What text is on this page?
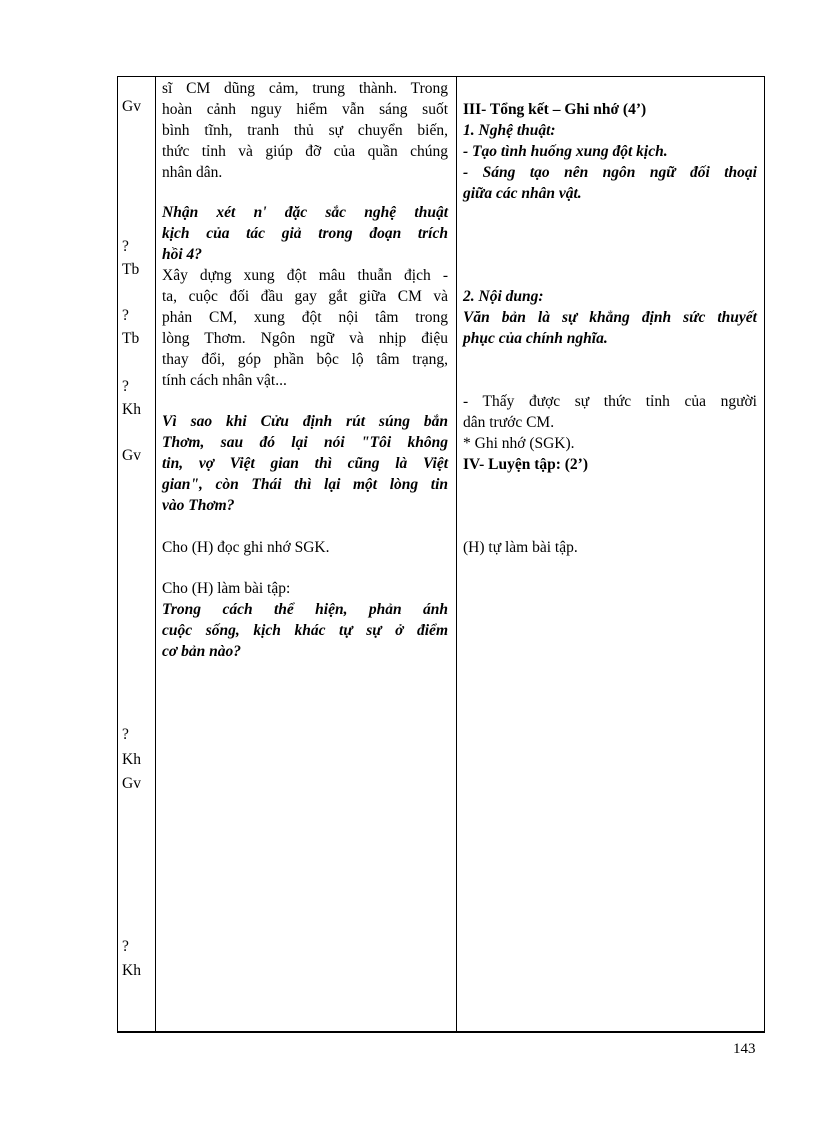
Gv
?
Tb
?
Tb
?
Kh
Gv
?
Kh
Gv
?
Kh
sĩ CM dũng cảm, trung thành. Trong
hoàn cảnh nguy hiểm vẫn sáng suốt
bình tĩnh, tranh thủ sự chuyển biến,
thức tỉnh và giúp đỡ của quần chúng
nhân dân.
Nhận xét n' đặc sắc nghệ thuật
kịch của tác giả trong đoạn trích
hồi 4?
Xây dựng xung đột mâu thuẫn địch -
ta, cuộc đối đầu gay gắt giữa CM và
phản CM, xung đột nội tâm trong
lòng Thơm. Ngôn ngữ và nhịp điệu
thay đổi, góp phần bộc lộ tâm trạng,
tính cách nhân vật...
Vì sao khi Cửu định rút súng bắn
Thơm, sau đó lại nói "Tôi không
tin, vợ Việt gian thì cũng là Việt
gian", còn Thái thì lại một lòng tin
vào Thơm?
Cho (H) đọc ghi nhớ SGK.
Cho (H) làm bài tập:
Trong cách thể hiện, phản ánh
cuộc sống, kịch khác tự sự ở điểm
cơ bản nào?
III- Tổng kết – Ghi nhớ (4’)
1. Nghệ thuật:
- Tạo tình huống xung đột kịch.
- Sáng tạo nên ngôn ngữ đối thoại
giữa các nhân vật.
2. Nội dung:
Văn bản là sự khẳng định sức thuyết
phục của chính nghĩa.
- Thấy được sự thức tỉnh của người
dân trước CM.
* Ghi nhớ (SGK).
IV- Luyện tập: (2’)
(H) tự làm bài tập.
143
